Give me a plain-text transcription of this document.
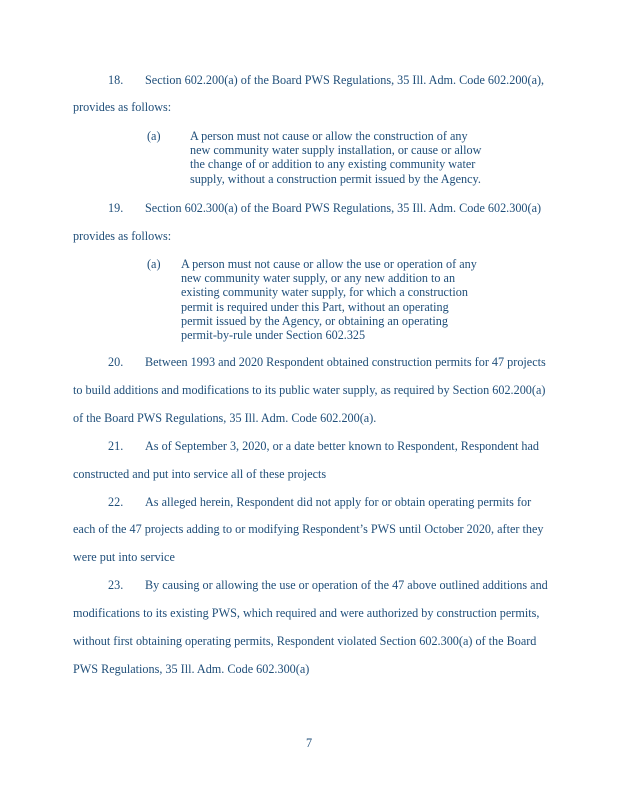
18. Section 602.200(a) of the Board PWS Regulations, 35 Ill. Adm. Code 602.200(a),
provides as follows:
(a) A person must not cause or allow the construction of any
new community water supply installation, or cause or allow
the change of or addition to any existing community water
supply, without a construction permit issued by the Agency.
19. Section 602.300(a) of the Board PWS Regulations, 35 Ill. Adm. Code 602.300(a)
provides as follows:
(a) A person must not cause or allow the use or operation of any
new community water supply, or any new addition to an
existing community water supply, for which a construction
permit is required under this Part, without an operating
permit issued by the Agency, or obtaining an operating
permit-by-rule under Section 602.325
20. Between 1993 and 2020 Respondent obtained construction permits for 47 projects
to build additions and modifications to its public water supply, as required by Section 602.200(a)
of the Board PWS Regulations, 35 Ill. Adm. Code 602.200(a).
21. As of September 3, 2020, or a date better known to Respondent, Respondent had
constructed and put into service all of these projects
22. As alleged herein, Respondent did not apply for or obtain operating permits for
each of the 47 projects adding to or modifying Respondent’s PWS until October 2020, after they
were put into service
23. By causing or allowing the use or operation of the 47 above outlined additions and
modifications to its existing PWS, which required and were authorized by construction permits,
without first obtaining operating permits, Respondent violated Section 602.300(a) of the Board
PWS Regulations, 35 Ill. Adm. Code 602.300(a)
7
